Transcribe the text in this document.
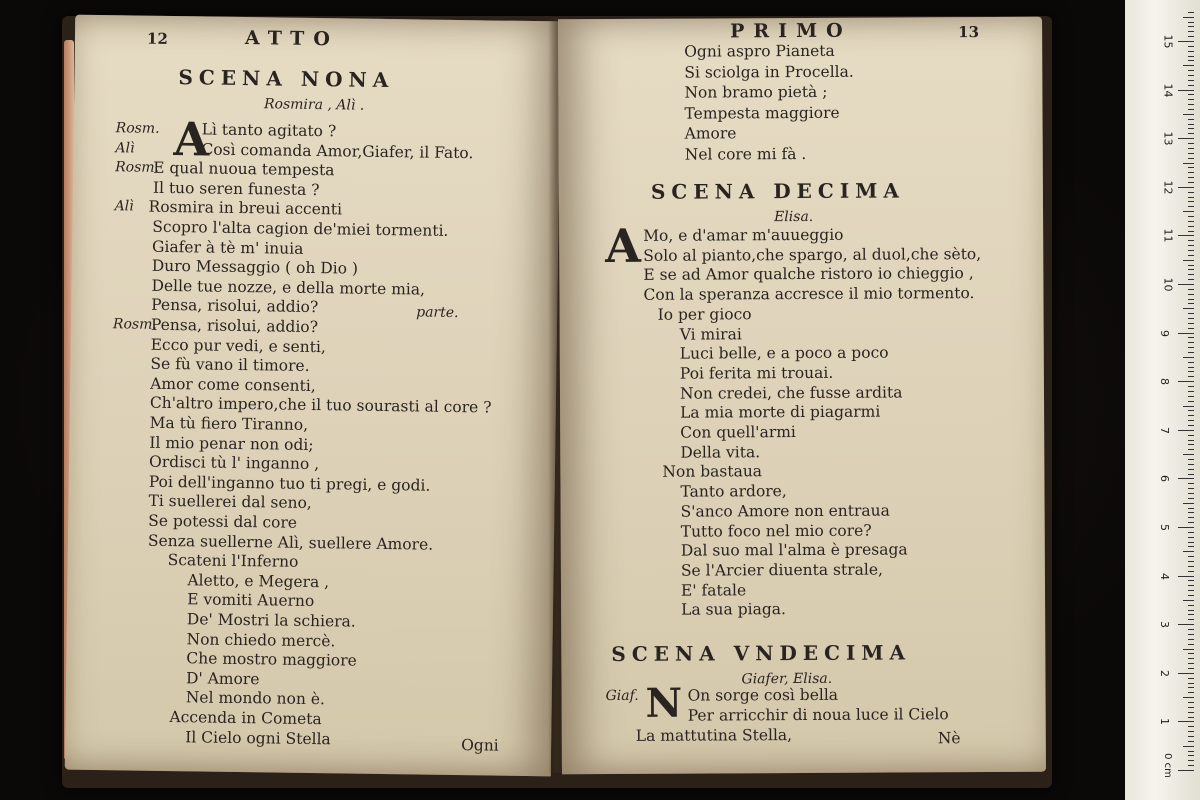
12	ATTO
SCENA NONA
Rosmira , Alì .
A
Rosm.	Lì tanto agitato ?
Alì	Così comanda Amor,Giafer, il Fato.
Rosm.
E qual nuoua tempesta
Il tuo seren funesta ?
Alì Rosmira in breui accenti
Scopro l'alta cagion de'miei tormenti.
Giafer à tè m' inuia
Duro Messaggio ( oh Dio )
Delle tue nozze, e della morte mia,
Pensa, risolui, addio?
Rosm.
Pensa, risolui, addio?
Ecco pur vedi, e senti,
Se fù vano il timore.
Amor come consenti,
Ch'altro impero,che il tuo sourasti al core ?
Ma tù fiero Tiranno,
Il mio penar non odi;
Ordisci tù l' inganno ,
Poi dell'inganno tuo ti pregi, e godi.
Ti suellerei dal seno,
Se potessi dal core
Senza suellerne Alì, suellere Amore.
Scateni l'Inferno
Aletto, e Megera ,
E vomiti Auerno
De' Mostri la schiera.
Non chiedo mercè.
Che mostro maggiore
D' Amore
Nel mondo non è.
Accenda in Cometa
Il Cielo ogni Stella
parte.
Ogni
PRIMO	13
Ogni aspro Pianeta
Si sciolga in Procella.
Non bramo pietà ;
Tempesta maggiore
Amore
Nel core mi fà .
SCENA DECIMA
Elisa.
A Mo, e d'amar m'auueggio
Solo al pianto,che spargo, al duol,che sèto,
E se ad Amor qualche ristoro io chieggio ,
Con la speranza accresce il mio tormento.
Io per gioco
Vi mirai
Luci belle, e a poco a poco
Poi ferita mi trouai.
Non credei, che fusse ardita
La mia morte di piagarmi
Con quell'armi
Della vita.
Non bastaua
Tanto ardore,
S'anco Amore non entraua
Tutto foco nel mio core?
Dal suo mal l'alma è presaga
Se l'Arcier diuenta strale,
E' fatale
La sua piaga.
SCENA VNDECIMA
Giafer, Elisa.
Giaf. N On sorge così bella
Per arricchir di noua luce il Cielo
La mattutina Stella,	Nè
15
14
13
12
11
10
9
8
7
6
5
4
3
2
1
0 cm
